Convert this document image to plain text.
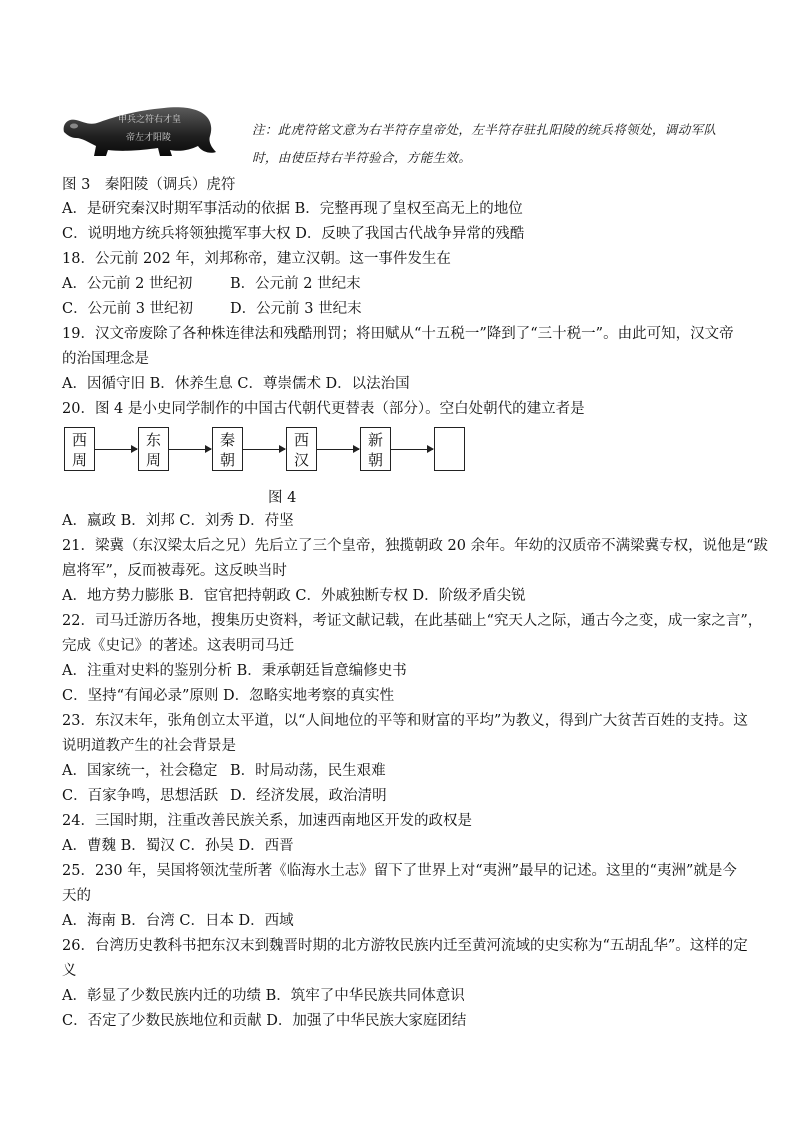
甲兵之符右才皇
帝左才阳陵
注：此虎符铭文意为右半符存皇帝处，左半符存驻扎阳陵的统兵将领处，调动军队时，由使臣持右半符验合，方能生效。
图 3　秦阳陵（调兵）虎符
A．是研究秦汉时期军事活动的依据 B．完整再现了皇权至高无上的地位
C．说明地方统兵将领独揽军事大权 D．反映了我国古代战争异常的残酷
18．公元前 202 年，刘邦称帝，建立汉朝。这一事件发生在
A．公元前 2 世纪初	B．公元前 2 世纪末
C．公元前 3 世纪初	D．公元前 3 世纪末
19．汉文帝废除了各种株连律法和残酷刑罚；将田赋从“十五税一”降到了“三十税一”。由此可知，汉文帝
的治国理念是
A．因循守旧 B．休养生息 C．尊崇儒术 D．以法治国
20．图 4 是小史同学制作的中国古代朝代更替表（部分）。空白处朝代的建立者是
西
周
东
周
秦
朝
西
汉
新
朝

图 4
A．嬴政 B．刘邦 C．刘秀 D．苻坚
21．梁冀（东汉梁太后之兄）先后立了三个皇帝，独揽朝政 20 余年。年幼的汉质帝不满梁冀专权，说他是“跋
扈将军”，反而被毒死。这反映当时
A．地方势力膨胀 B．宦官把持朝政 C．外戚独断专权 D．阶级矛盾尖锐
22．司马迁游历各地，搜集历史资料，考证文献记载，在此基础上“究天人之际，通古今之变，成一家之言”，
完成《史记》的著述。这表明司马迁
A．注重对史料的鉴别分析 B．秉承朝廷旨意编修史书
C．坚持“有闻必录”原则 D．忽略实地考察的真实性
23．东汉末年，张角创立太平道，以“人间地位的平等和财富的平均”为教义，得到广大贫苦百姓的支持。这
说明道教产生的社会背景是
A．国家统一，社会稳定 B．时局动荡，民生艰难
C．百家争鸣，思想活跃 D．经济发展，政治清明
24．三国时期，注重改善民族关系，加速西南地区开发的政权是
A．曹魏 B．蜀汉 C．孙吴 D．西晋
25．230 年，吴国将领沈莹所著《临海水土志》留下了世界上对“夷洲”最早的记述。这里的“夷洲”就是今
天的
A．海南 B．台湾 C．日本 D．西域
26．台湾历史教科书把东汉末到魏晋时期的北方游牧民族内迁至黄河流域的史实称为“五胡乱华”。这样的定
义
A．彰显了少数民族内迁的功绩 B．筑牢了中华民族共同体意识
C．否定了少数民族地位和贡献 D．加强了中华民族大家庭团结
